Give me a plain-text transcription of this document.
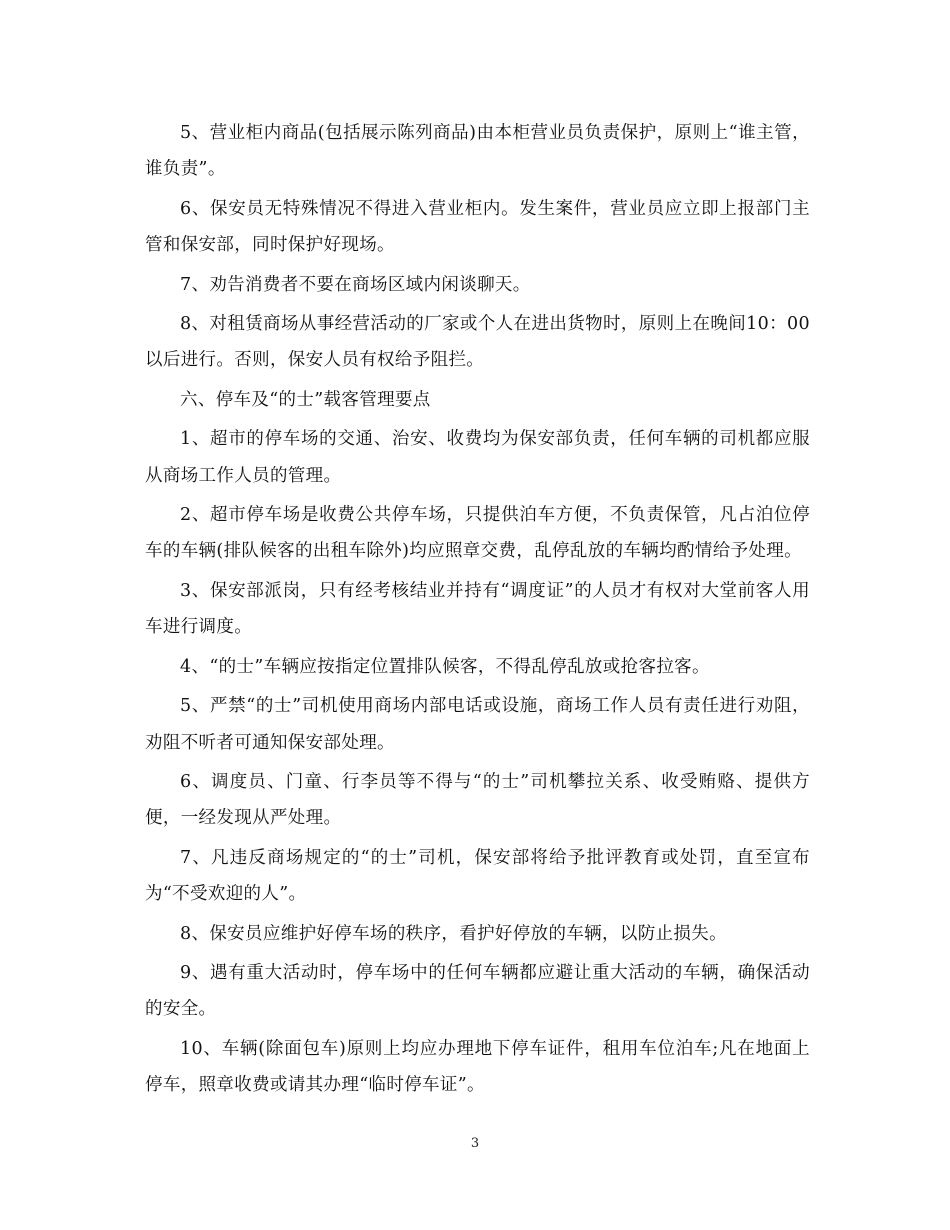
5、营业柜内商品(包括展示陈列商品)由本柜营业员负责保护，原则上“谁主管，谁负责”。

6、保安员无特殊情况不得进入营业柜内。发生案件，营业员应立即上报部门主管和保安部，同时保护好现场。

7、劝告消费者不要在商场区域内闲谈聊天。

8、对租赁商场从事经营活动的厂家或个人在进出货物时，原则上在晚间10：00以后进行。否则，保安人员有权给予阻拦。

六、停车及“的士”载客管理要点

1、超市的停车场的交通、治安、收费均为保安部负责，任何车辆的司机都应服从商场工作人员的管理。

2、超市停车场是收费公共停车场，只提供泊车方便，不负责保管，凡占泊位停车的车辆(排队候客的出租车除外)均应照章交费，乱停乱放的车辆均酌情给予处理。

3、保安部派岗，只有经考核结业并持有“调度证”的人员才有权对大堂前客人用车进行调度。

4、“的士”车辆应按指定位置排队候客，不得乱停乱放或抢客拉客。

5、严禁“的士”司机使用商场内部电话或设施，商场工作人员有责任进行劝阻，劝阻不听者可通知保安部处理。

6、调度员、门童、行李员等不得与“的士”司机攀拉关系、收受贿赂、提供方便，一经发现从严处理。

7、凡违反商场规定的“的士”司机，保安部将给予批评教育或处罚，直至宣布为“不受欢迎的人”。

8、保安员应维护好停车场的秩序，看护好停放的车辆，以防止损失。

9、遇有重大活动时，停车场中的任何车辆都应避让重大活动的车辆，确保活动的安全。

10、车辆(除面包车)原则上均应办理地下停车证件，租用车位泊车;凡在地面上停车，照章收费或请其办理“临时停车证”。

3
